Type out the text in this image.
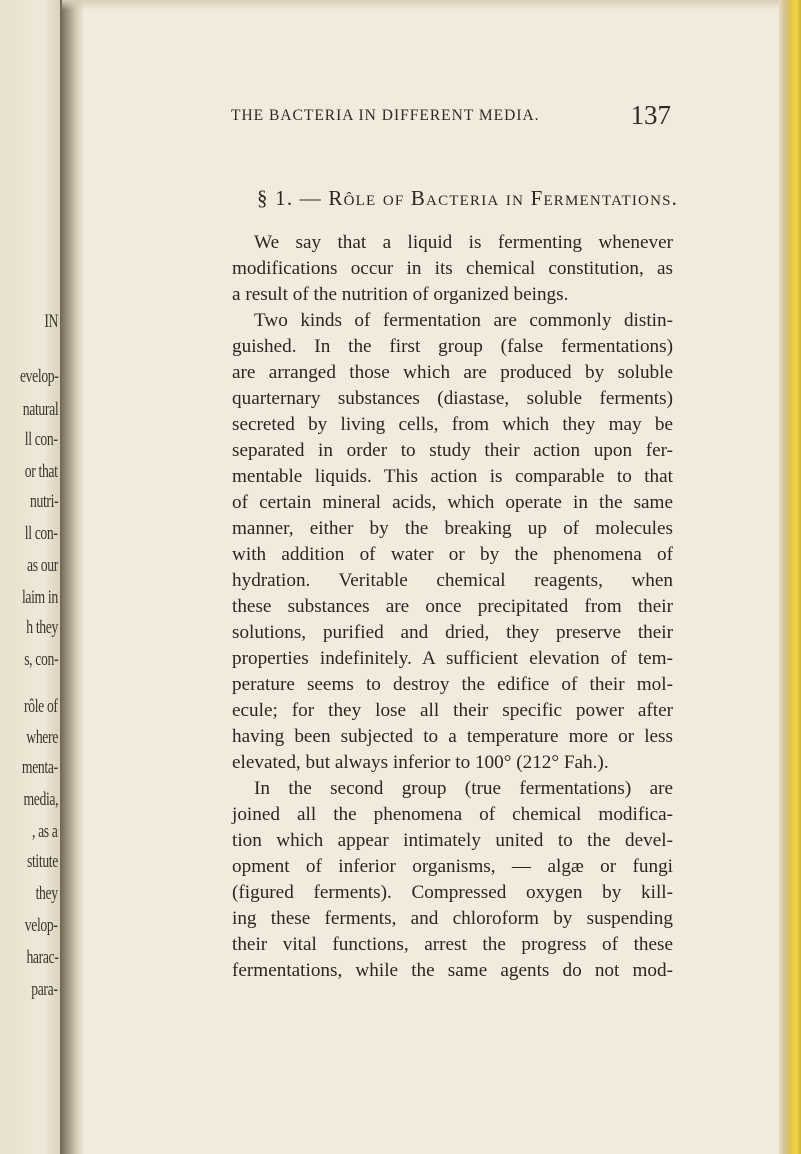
IN
evelop-
natural
ll con-
or that
nutri-
ll con-
as our
laim in
h they
s, con-
rôle of
where
menta-
media,
, as a
stitute
they
velop-
harac-
para-
THE BACTERIA IN DIFFERENT MEDIA.	137
§ 1. — Rôle of Bacteria in Fermentations.
We say that a liquid is fermenting whenever
modifications occur in its chemical constitution, as
a result of the nutrition of organized beings.
Two kinds of fermentation are commonly distin-
guished. In the first group (false fermentations)
are arranged those which are produced by soluble
quarternary substances (diastase, soluble ferments)
secreted by living cells, from which they may be
separated in order to study their action upon fer-
mentable liquids. This action is comparable to that
of certain mineral acids, which operate in the same
manner, either by the breaking up of molecules
with addition of water or by the phenomena of
hydration. Veritable chemical reagents, when
these substances are once precipitated from their
solutions, purified and dried, they preserve their
properties indefinitely. A sufficient elevation of tem-
perature seems to destroy the edifice of their mol-
ecule; for they lose all their specific power after
having been subjected to a temperature more or less
elevated, but always inferior to 100° (212° Fah.).
In the second group (true fermentations) are
joined all the phenomena of chemical modifica-
tion which appear intimately united to the devel-
opment of inferior organisms, — algæ or fungi
(figured ferments). Compressed oxygen by kill-
ing these ferments, and chloroform by suspending
their vital functions, arrest the progress of these
fermentations, while the same agents do not mod-
